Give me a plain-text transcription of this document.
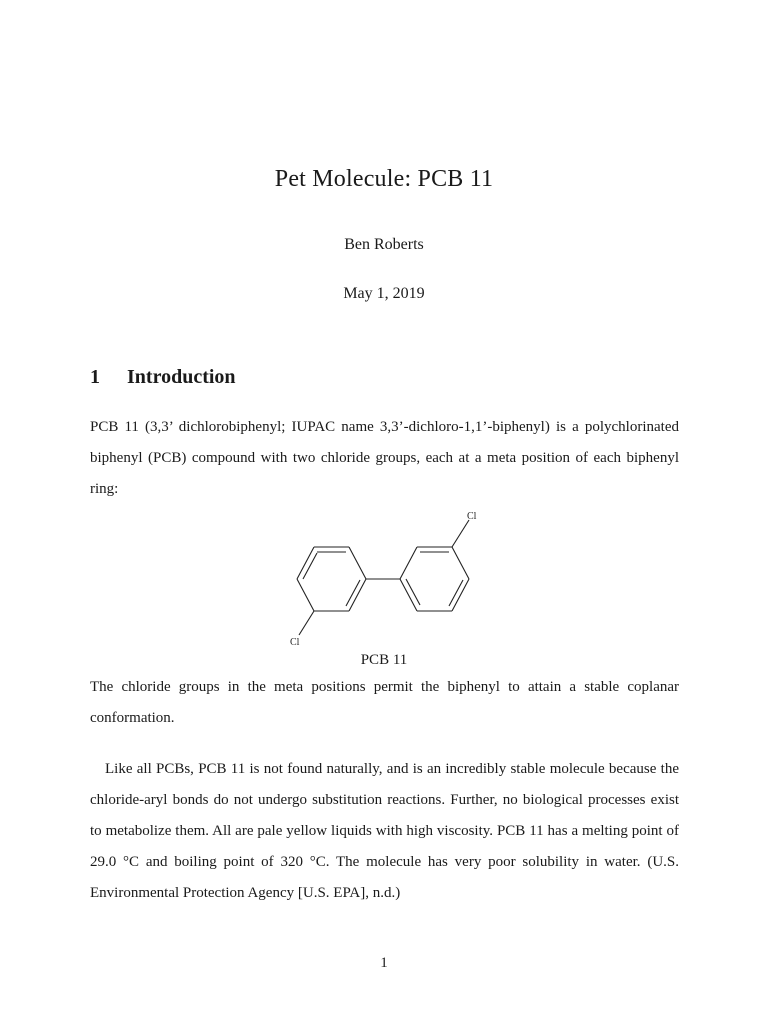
Pet Molecule: PCB 11
Ben Roberts
May 1, 2019
1 Introduction

PCB 11 (3,3’ dichlorobiphenyl; IUPAC name 3,3’-dichloro-1,1’-biphenyl) is a polychlorinated biphenyl (PCB) compound with two chloride groups, each at a meta position of each biphenyl ring:

Cl
Cl
PCB 11

The chloride groups in the meta positions permit the biphenyl to attain a stable coplanar conformation.

Like all PCBs, PCB 11 is not found naturally, and is an incredibly stable molecule because the chloride-aryl bonds do not undergo substitution reactions. Further, no biological processes exist to metabolize them. All are pale yellow liquids with high viscosity. PCB 11 has a melting point of 29.0 °C and boiling point of 320 °C. The molecule has very poor solubility in water. (U.S. Environmental Protection Agency [U.S. EPA], n.d.)

1
